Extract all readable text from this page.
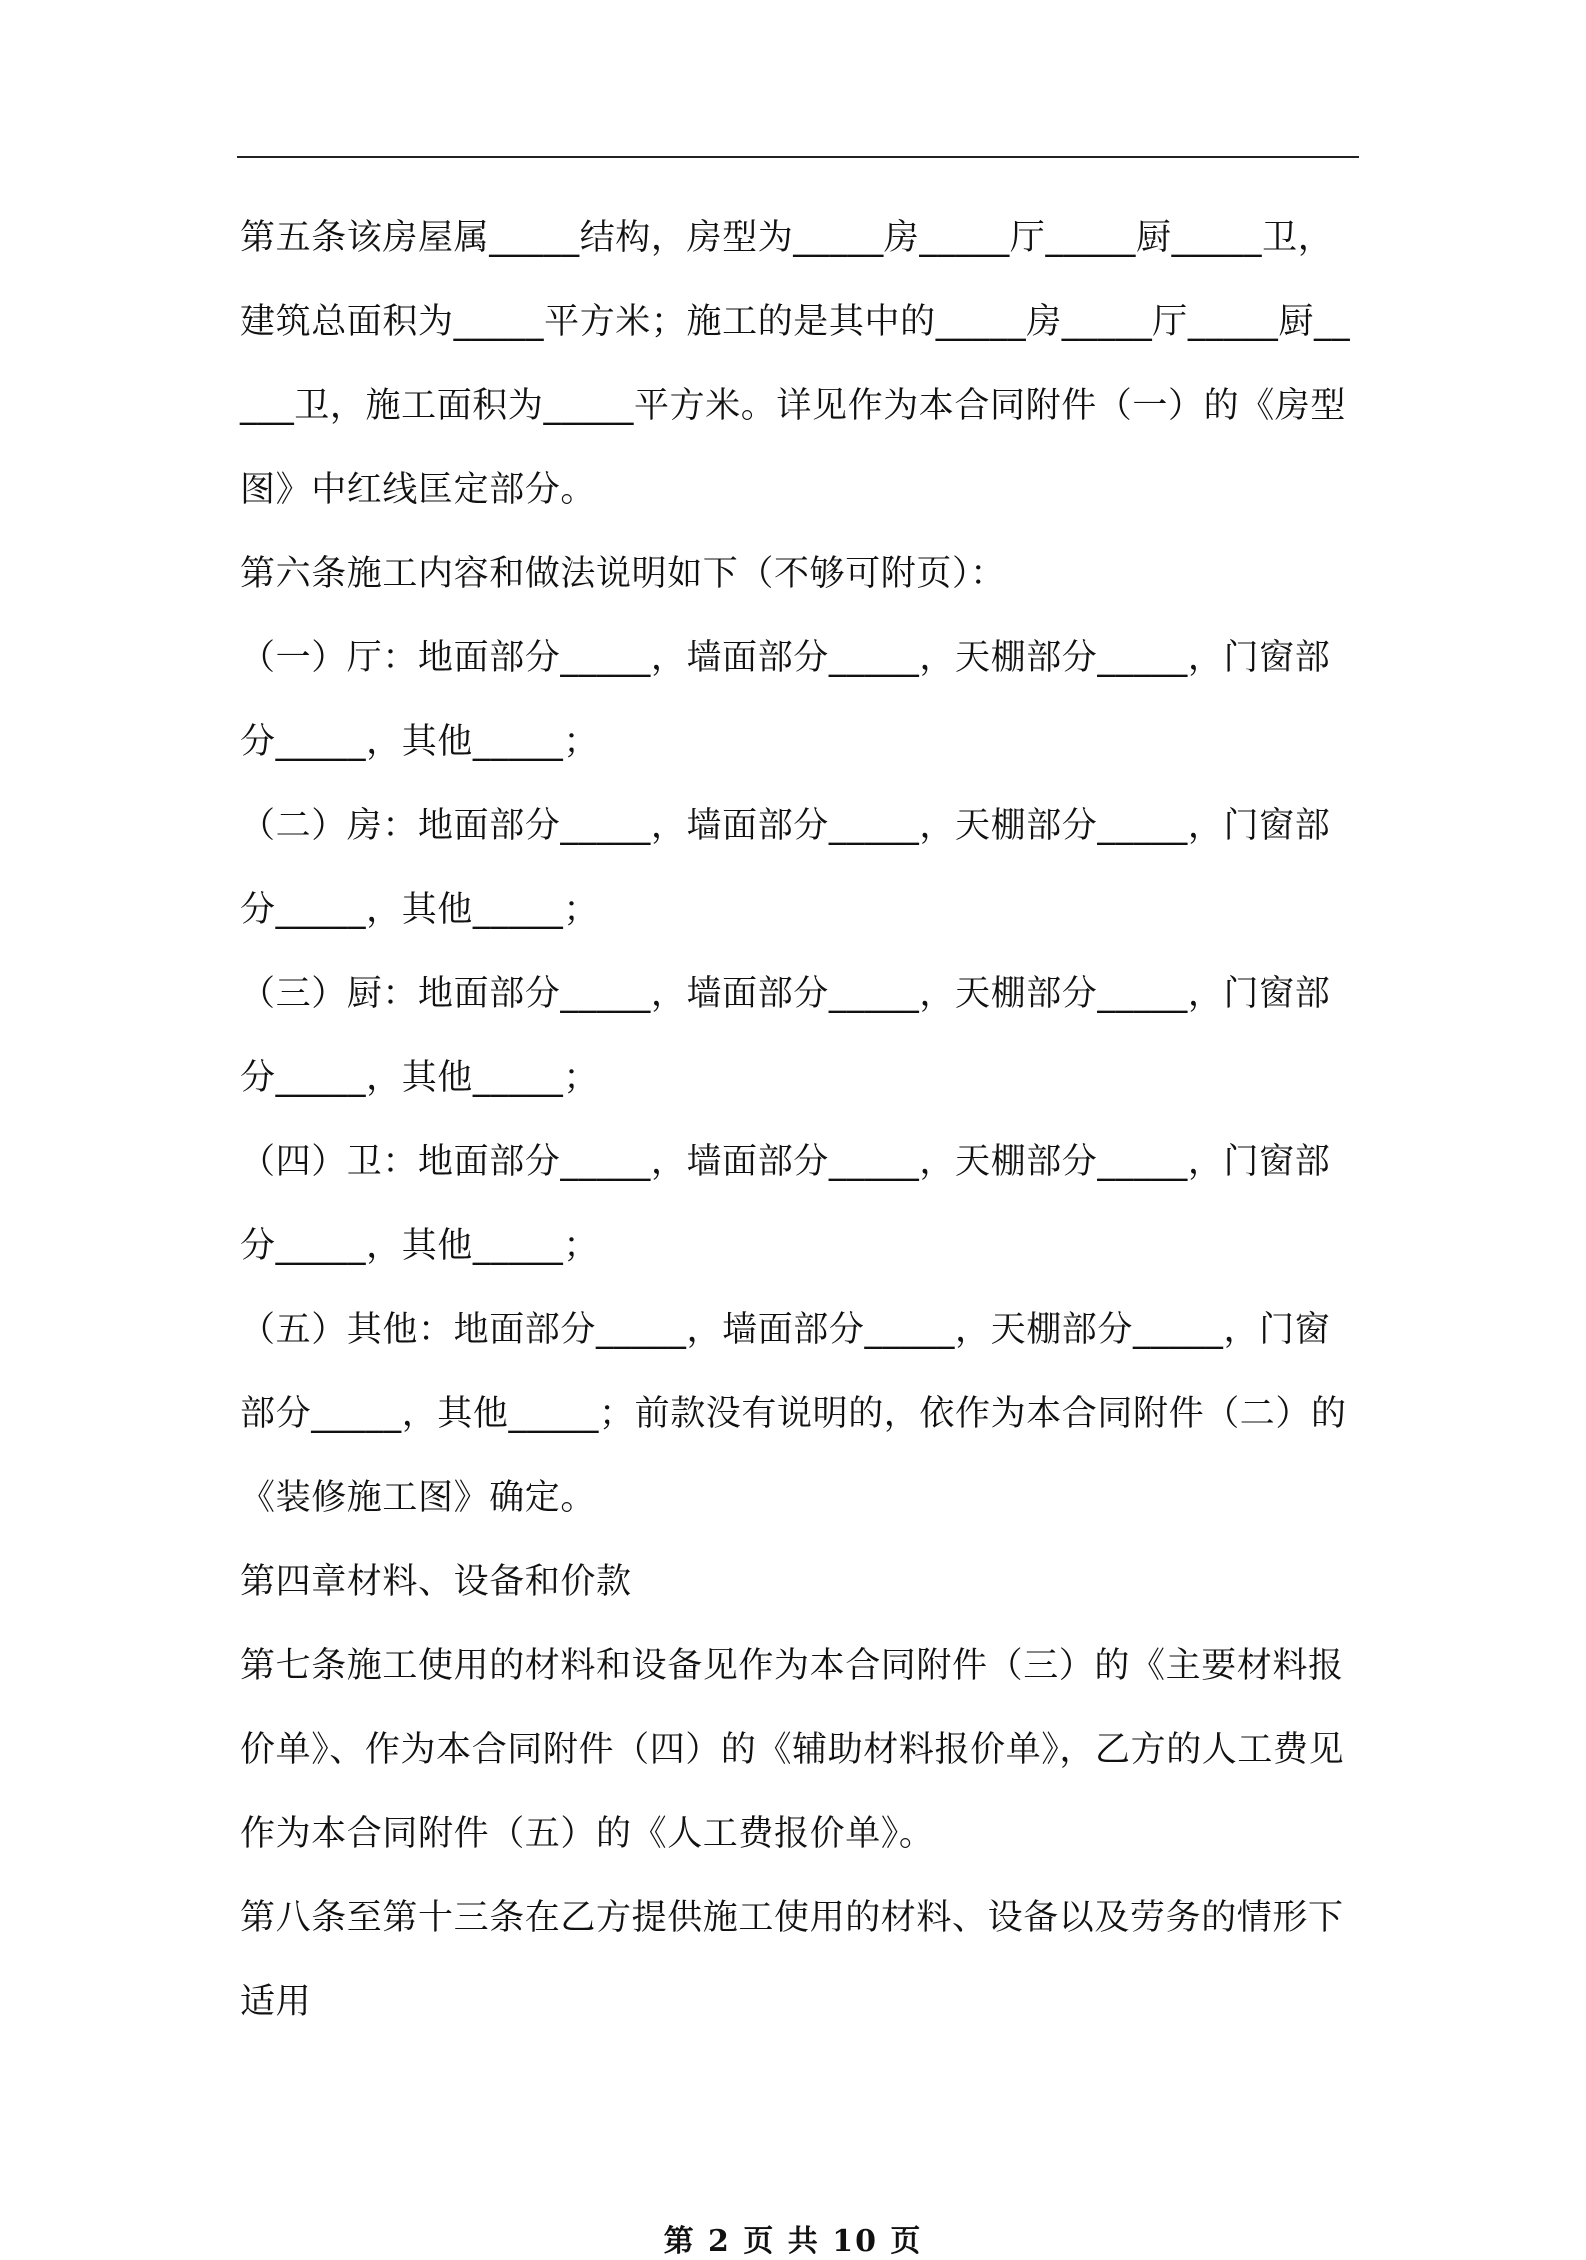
第五条该房屋属_____结构，房型为_____房_____厅_____厨_____卫，建筑总面积为_____平方米；施工的是其中的_____房_____厅_____厨_____卫，施工面积为_____平方米。详见作为本合同附件（一）的《房型图》中红线匡定部分。

第六条施工内容和做法说明如下（不够可附页）：

（一）厅：地面部分_____，墙面部分_____，天棚部分_____，门窗部分_____，其他_____；

（二）房：地面部分_____，墙面部分_____，天棚部分_____，门窗部分_____，其他_____；

（三）厨：地面部分_____，墙面部分_____，天棚部分_____，门窗部分_____，其他_____；

（四）卫：地面部分_____，墙面部分_____，天棚部分_____，门窗部分_____，其他_____；

（五）其他：地面部分_____，墙面部分_____，天棚部分_____，门窗部分_____，其他_____；前款没有说明的，依作为本合同附件（二）的《装修施工图》确定。

第四章材料、设备和价款

第七条施工使用的材料和设备见作为本合同附件（三）的《主要材料报价单》、作为本合同附件（四）的《辅助材料报价单》，乙方的人工费见作为本合同附件（五）的《人工费报价单》。

第八条至第十三条在乙方提供施工使用的材料、设备以及劳务的情形下适用

第 2 页 共 10 页
